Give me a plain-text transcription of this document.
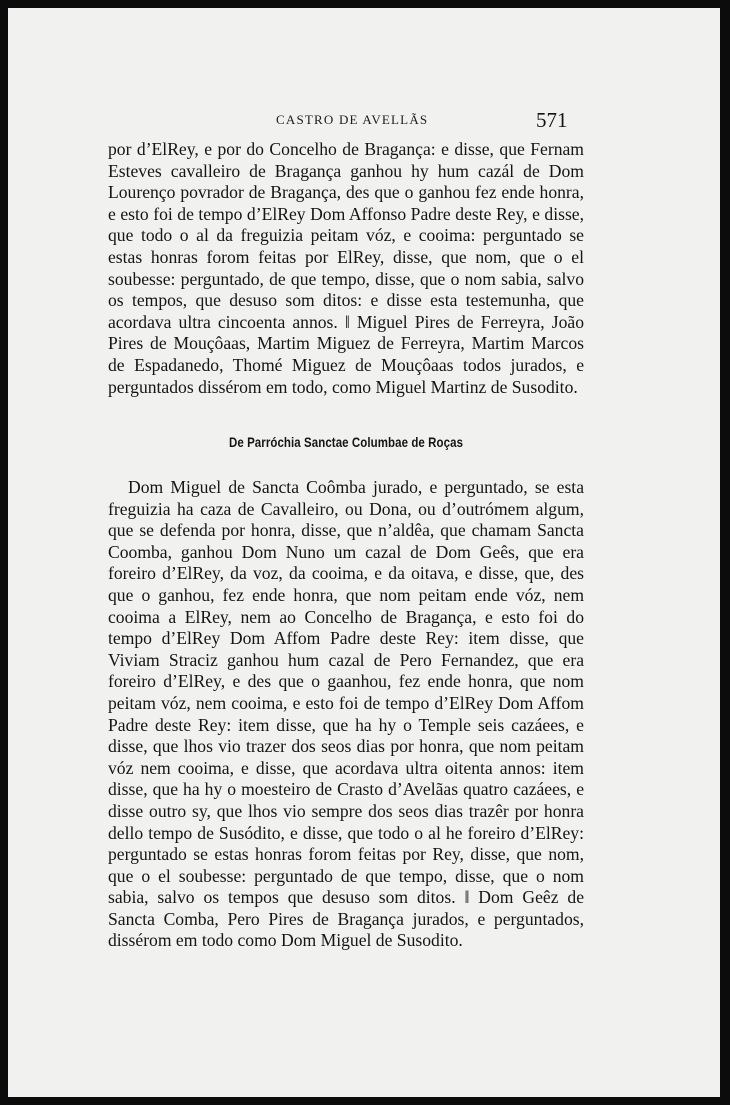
CASTRO DE AVELLÃS	571

por d’ElRey, e por do Concelho de Bragança: e disse, que Fernam Esteves cavalleiro de Bragança ganhou hy hum cazál de Dom Lourenço povrador de Bragança, des que o ganhou fez ende honra, e esto foi de tempo d’ElRey Dom Affonso Padre deste Rey, e disse, que todo o al da freguizia peitam vóz, e cooima: perguntado se estas honras forom feitas por ElRey, disse, que nom, que o el soubesse: perguntado, de que tempo, disse, que o nom sabia, salvo os tempos, que desuso som ditos: e disse esta testemunha, que acordava ultra cincoenta annos. ‖ Miguel Pires de Ferreyra, João Pires de Mouçôaas, Martim Miguez de Ferreyra, Martim Marcos de Espadanedo, Thomé Miguez de Mouçôaas todos jurados, e perguntados dissérom em todo, como Miguel Martinz de Susodito.

De Parróchia Sanctae Columbae de Roças

Dom Miguel de Sancta Coômba jurado, e perguntado, se esta freguizia ha caza de Cavalleiro, ou Dona, ou d’outrómem algum, que se defenda por honra, disse, que n’aldêa, que chamam Sancta Coomba, ganhou Dom Nuno um cazal de Dom Geês, que era foreiro d’ElRey, da voz, da cooima, e da oitava, e disse, que, des que o ganhou, fez ende honra, que nom peitam ende vóz, nem cooima a ElRey, nem ao Concelho de Bragança, e esto foi do tempo d’ElRey Dom Affom Padre deste Rey: item disse, que Viviam Straciz ganhou hum cazal de Pero Fernandez, que era foreiro d’ElRey, e des que o gaanhou, fez ende honra, que nom peitam vóz, nem cooima, e esto foi de tempo d’ElRey Dom Affom Padre deste Rey: item disse, que ha hy o Temple seis cazáees, e disse, que lhos vio trazer dos seos dias por honra, que nom peitam vóz nem cooima, e disse, que acordava ultra oitenta annos: item disse, que ha hy o moesteiro de Crasto d’Avelãas quatro cazáees, e disse outro sy, que lhos vio sempre dos seos dias trazêr por honra dello tempo de Susódito, e disse, que todo o al he foreiro d’ElRey: perguntado se estas honras forom feitas por Rey, disse, que nom, que o el soubesse: perguntado de que tempo, disse, que o nom sabia, salvo os tempos que desuso som ditos. ‖ Dom Geêz de Sancta Comba, Pero Pires de Bragança jurados, e perguntados, dissérom em todo como Dom Miguel de Susodito.
